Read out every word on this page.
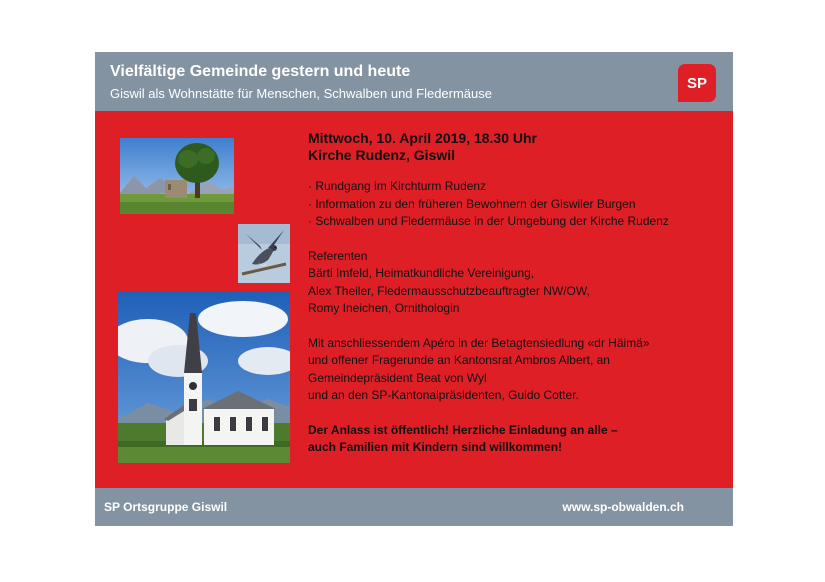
Vielfältige Gemeinde gestern und heute
Giswil als Wohnstätte für Menschen, Schwalben und Fledermäuse
SP
Mittwoch, 10. April 2019, 18.30 Uhr
Kirche Rudenz, Giswil
· Rundgang im Kirchturm Rudenz
· Information zu den früheren Bewohnern der Giswiler Burgen
· Schwalben und Fledermäuse in der Umgebung der Kirche Rudenz
Referenten
Bärti Imfeld, Heimatkundliche Vereinigung,
Alex Theiler, Fledermausschutzbeauftragter NW/OW,
Romy Ineichen, Ornithologin
Mit anschliessendem Apéro in der Betagtensiedlung «dr Häimä»
und offener Fragerunde an Kantonsrat Ambros Albert, an
Gemeindepräsident Beat von Wyl
und an den SP-Kantonalpräsidenten, Guido Cotter.
Der Anlass ist öffentlich! Herzliche Einladung an alle –
auch Familien mit Kindern sind willkommen!
SP Ortsgruppe Giswil	www.sp-obwalden.ch
